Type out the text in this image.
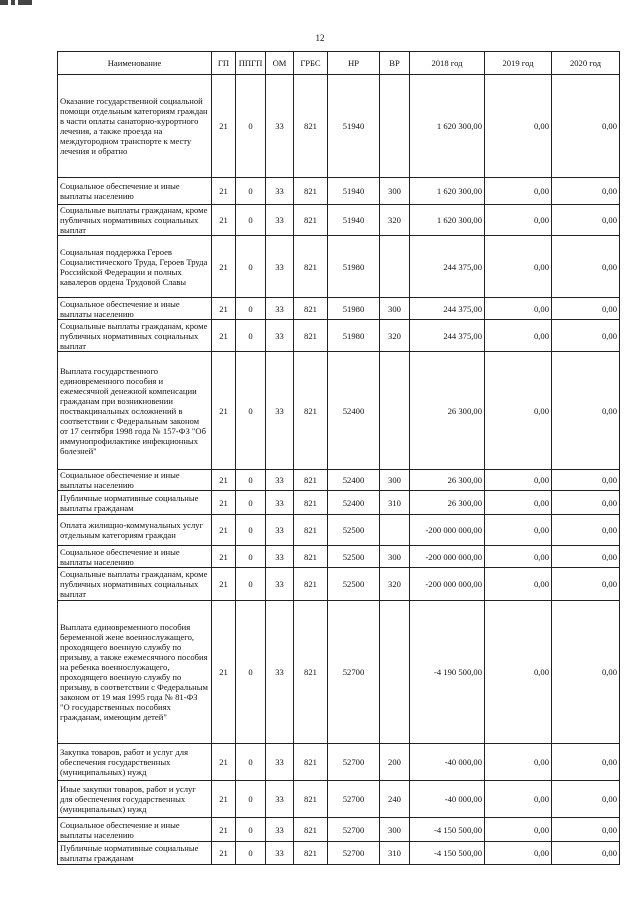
12
Наименование	ГП	ППГП	ОМ	ГРБС	НР	ВР	2018 год	2019 год	2020 год
Оказание государственной социальной помощи отдельным категориям граждан в части оплаты санаторно-курортного лечения, а также проезда на междугородном транспорте к месту лечения и обратно	21	0	33	821	51940		1 620 300,00	0,00	0,00
Социальное обеспечение и иные выплаты населению	21	0	33	821	51940	300	1 620 300,00	0,00	0,00
Социальные выплаты гражданам, кроме публичных нормативных социальных выплат	21	0	33	821	51940	320	1 620 300,00	0,00	0,00
Социальная поддержка Героев Социалистического Труда, Героев Труда Российской Федерации и полных кавалеров ордена Трудовой Славы	21	0	33	821	51980		244 375,00	0,00	0,00
Социальное обеспечение и иные выплаты населению	21	0	33	821	51980	300	244 375,00	0,00	0,00
Социальные выплаты гражданам, кроме публичных нормативных социальных выплат	21	0	33	821	51980	320	244 375,00	0,00	0,00
Выплата государственного единовременного пособия и ежемесячной денежной компенсации гражданам при возникновении поствакцинальных осложнений в соответствии с Федеральным законом от 17 сентября 1998 года № 157-ФЗ "Об иммунопрофилактике инфекционных болезней"	21	0	33	821	52400		26 300,00	0,00	0,00
Социальное обеспечение и иные выплаты населению	21	0	33	821	52400	300	26 300,00	0,00	0,00
Публичные нормативные социальные выплаты гражданам	21	0	33	821	52400	310	26 300,00	0,00	0,00
Оплата жилищно-коммунальных услуг отдельным категориям граждан	21	0	33	821	52500		-200 000 000,00	0,00	0,00
Социальное обеспечение и иные выплаты населению	21	0	33	821	52500	300	-200 000 000,00	0,00	0,00
Социальные выплаты гражданам, кроме публичных нормативных социальных выплат	21	0	33	821	52500	320	-200 000 000,00	0,00	0,00
Выплата единовременного пособия беременной жене военнослужащего, проходящего военную службу по призыву, а также ежемесячного пособия на ребенка военнослужащего, проходящего военную службу по призыву, в соответствии с Федеральным законом от 19 мая 1995 года № 81-ФЗ "О государственных пособиях гражданам, имеющим детей"	21	0	33	821	52700		-4 190 500,00	0,00	0,00
Закупка товаров, работ и услуг для обеспечения государственных (муниципальных) нужд	21	0	33	821	52700	200	-40 000,00	0,00	0,00
Иные закупки товаров, работ и услуг для обеспечения государственных (муниципальных) нужд	21	0	33	821	52700	240	-40 000,00	0,00	0,00
Социальное обеспечение и иные выплаты населению	21	0	33	821	52700	300	-4 150 500,00	0,00	0,00
Публичные нормативные социальные выплаты гражданам	21	0	33	821	52700	310	-4 150 500,00	0,00	0,00
